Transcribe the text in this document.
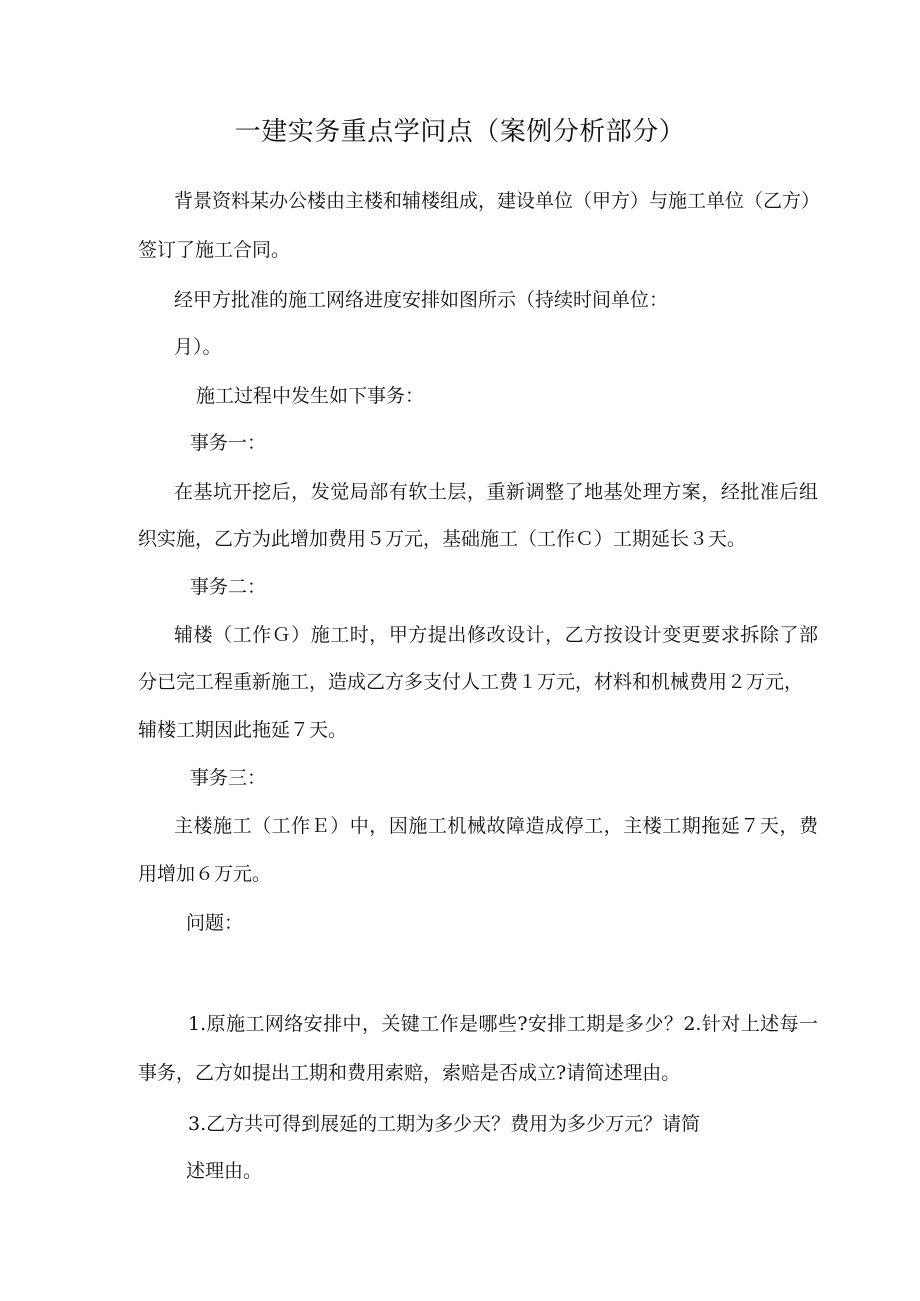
一建实务重点学问点（案例分析部分）
背景资料某办公楼由主楼和辅楼组成，建设单位（甲方）与施工单位（乙方）
签订了施工合同。
经甲方批准的施工网络进度安排如图所示（持续时间单位：
月）。
施工过程中发生如下事务：
事务一：
在基坑开挖后，发觉局部有软土层，重新调整了地基处理方案，经批准后组
织实施，乙方为此增加费用５万元，基础施工（工作Ｃ）工期延长３天。
事务二：
辅楼（工作Ｇ）施工时，甲方提出修改设计，乙方按设计变更要求拆除了部
分已完工程重新施工，造成乙方多支付人工费１万元，材料和机械费用２万元，
辅楼工期因此拖延７天。
事务三：
主楼施工（工作Ｅ）中，因施工机械故障造成停工，主楼工期拖延７天，费
用增加６万元。
问题：
1.原施工网络安排中，关键工作是哪些?安排工期是多少？2.针对上述每一
事务，乙方如提出工期和费用索赔，索赔是否成立?请简述理由。
3.乙方共可得到展延的工期为多少天？费用为多少万元？请简
述理由。
